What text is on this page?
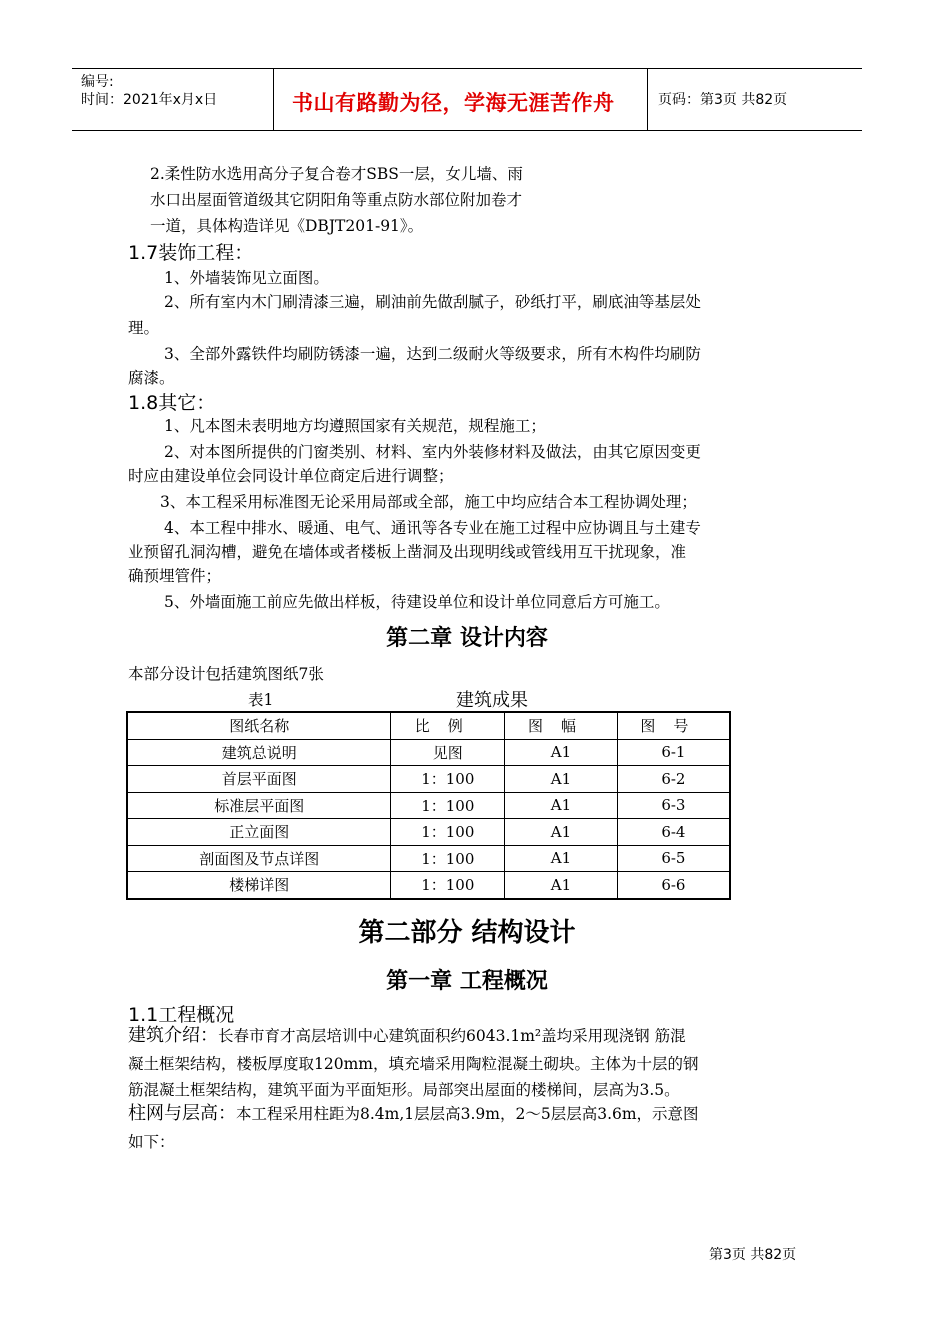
编号:
时间：2021年x月x日	书山有路勤为径，学海无涯苦作舟	页码：第3页 共82页
2.柔性防水选用高分子复合卷才SBS一层，女儿墙、雨
水口出屋面管道级其它阴阳角等重点防水部位附加卷才
一道，具体构造详见《DBJT201-91》。
1.7装饰工程：
1、外墙装饰见立面图。
2、所有室内木门刷清漆三遍，刷油前先做刮腻子，砂纸打平，刷底油等基层处
理。
3、全部外露铁件均刷防锈漆一遍，达到二级耐火等级要求，所有木构件均刷防
腐漆。
1.8其它：
1、凡本图未表明地方均遵照国家有关规范，规程施工；
2、对本图所提供的门窗类别、材料、室内外装修材料及做法，由其它原因变更
时应由建设单位会同设计单位商定后进行调整；
3、本工程采用标准图无论采用局部或全部，施工中均应结合本工程协调处理；
4、本工程中排水、暖通、电气、通讯等各专业在施工过程中应协调且与土建专
业预留孔洞沟槽，避免在墙体或者楼板上凿洞及出现明线或管线用互干扰现象，准
确预埋管件；
5、外墙面施工前应先做出样板，待建设单位和设计单位同意后方可施工。
第二章 设计内容
本部分设计包括建筑图纸7张
表1	建筑成果
图纸名称	比例	图幅	图号
建筑总说明	见图	A1	6-1
首层平面图	1：100	A1	6-2
标准层平面图	1：100	A1	6-3
正立面图	1：100	A1	6-4
剖面图及节点详图	1：100	A1	6-5
楼梯详图	1：100	A1	6-6
第二部分 结构设计
第一章 工程概况
1.1工程概况
建筑介绍：长春市育才高层培训中心建筑面积约6043.1m²盖均采用现浇钢 筋混
凝土框架结构，楼板厚度取120mm，填充墙采用陶粒混凝土砌块。主体为十层的钢
筋混凝土框架结构，建筑平面为平面矩形。局部突出屋面的楼梯间，层高为3.5。
柱网与层高：本工程采用柱距为8.4m,1层层高3.9m，2～5层层高3.6m，示意图
如下：
第3页 共82页
